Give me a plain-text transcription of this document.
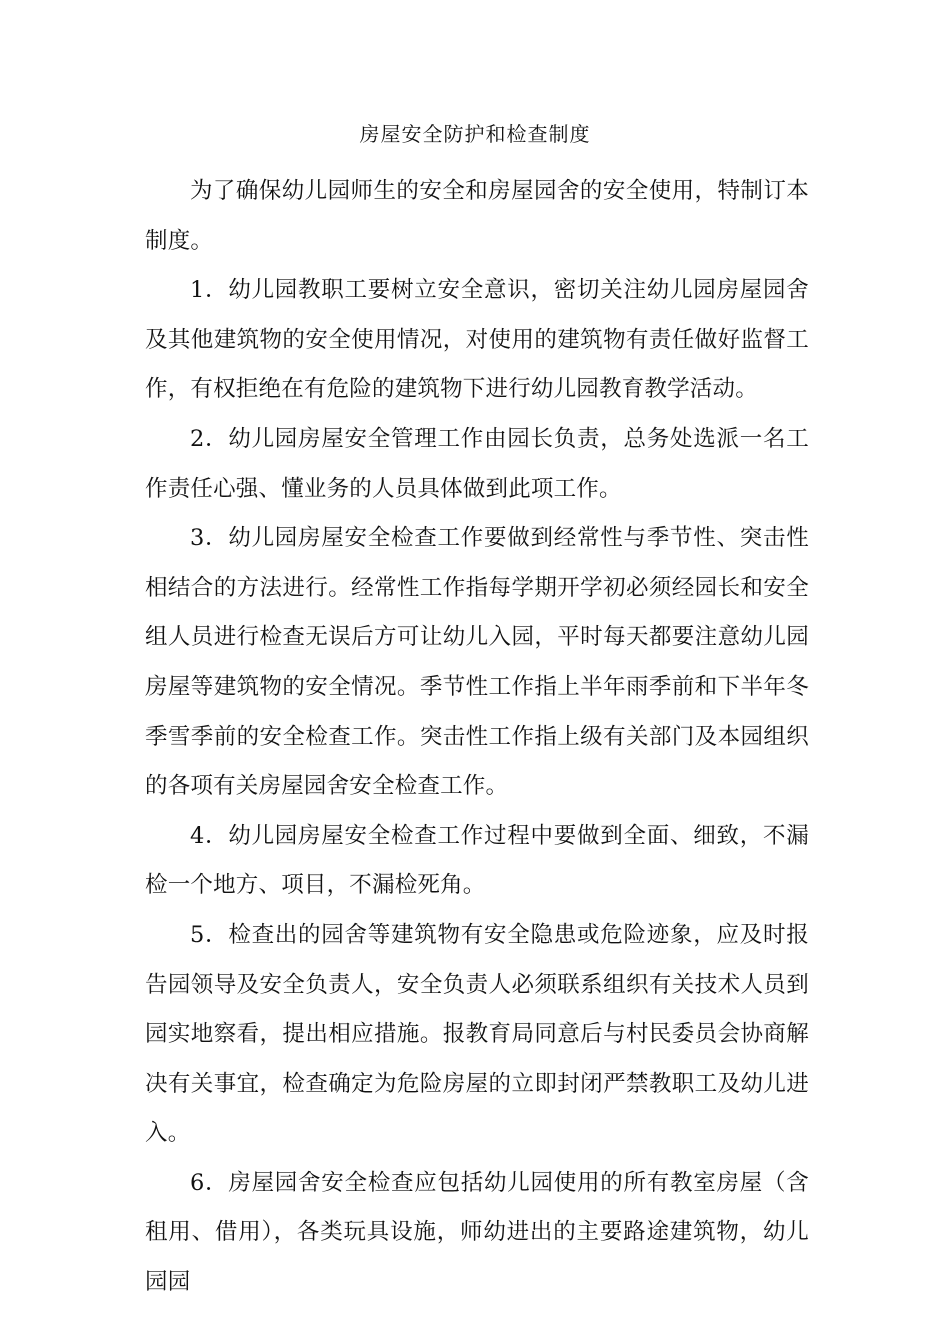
房屋安全防护和检查制度

为了确保幼儿园师生的安全和房屋园舍的安全使用，特制订本制度。

1．幼儿园教职工要树立安全意识，密切关注幼儿园房屋园舍及其他建筑物的安全使用情况，对使用的建筑物有责任做好监督工作，有权拒绝在有危险的建筑物下进行幼儿园教育教学活动。

2．幼儿园房屋安全管理工作由园长负责，总务处选派一名工作责任心强、懂业务的人员具体做到此项工作。

3．幼儿园房屋安全检查工作要做到经常性与季节性、突击性相结合的方法进行。经常性工作指每学期开学初必须经园长和安全组人员进行检查无误后方可让幼儿入园，平时每天都要注意幼儿园房屋等建筑物的安全情况。季节性工作指上半年雨季前和下半年冬季雪季前的安全检查工作。突击性工作指上级有关部门及本园组织的各项有关房屋园舍安全检查工作。

4．幼儿园房屋安全检查工作过程中要做到全面、细致，不漏检一个地方、项目，不漏检死角。

5．检查出的园舍等建筑物有安全隐患或危险迹象，应及时报告园领导及安全负责人，安全负责人必须联系组织有关技术人员到园实地察看，提出相应措施。报教育局同意后与村民委员会协商解决有关事宜，检查确定为危险房屋的立即封闭严禁教职工及幼儿进入。

6．房屋园舍安全检查应包括幼儿园使用的所有教室房屋（含租用、借用），各类玩具设施，师幼进出的主要路途建筑物，幼儿园园
